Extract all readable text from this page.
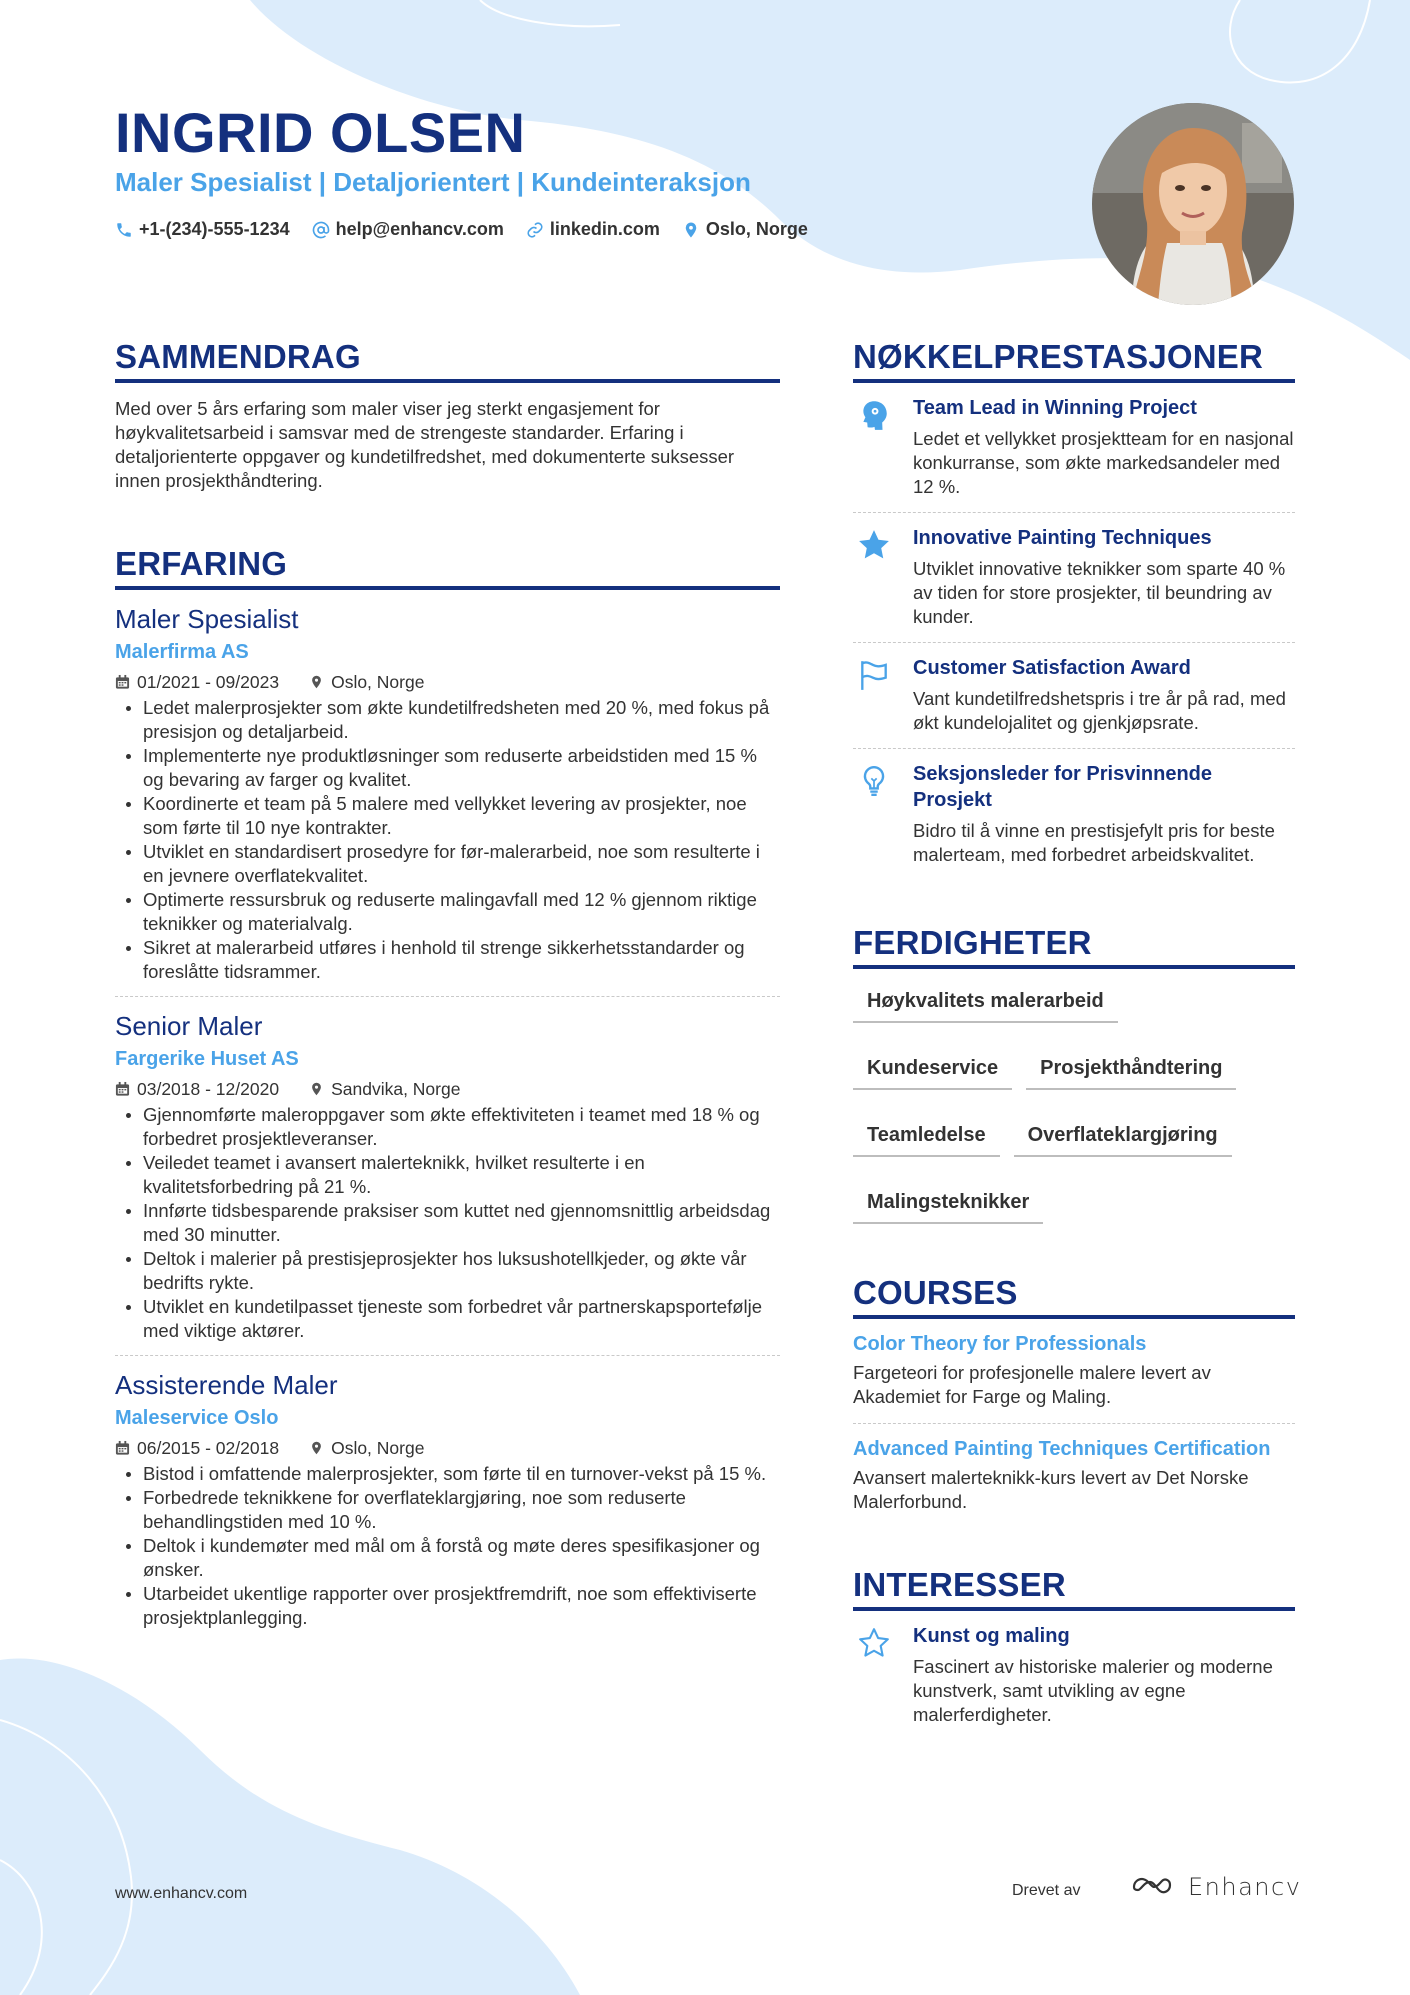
INGRID OLSEN
Maler Spesialist | Detaljorientert | Kundeinteraksjon
+1-(234)-555-1234	help@enhancv.com	linkedin.com	Oslo, Norge
SAMMENDRAG

Med over 5 års erfaring som maler viser jeg sterkt engasjement for høykvalitetsarbeid i samsvar med de strengeste standarder. Erfaring i detaljorienterte oppgaver og kundetilfredshet, med dokumenterte suksesser innen prosjekthåndtering.

ERFARING
Maler Spesialist
Malerfirma AS
01/2021 - 09/2023	Oslo, Norge
Ledet malerprosjekter som økte kundetilfredsheten med 20 %, med fokus på presisjon og detaljarbeid.
Implementerte nye produktløsninger som reduserte arbeidstiden med 15 % og bevaring av farger og kvalitet.
Koordinerte et team på 5 malere med vellykket levering av prosjekter, noe som førte til 10 nye kontrakter.
Utviklet en standardisert prosedyre for før-malerarbeid, noe som resulterte i en jevnere overflatekvalitet.
Optimerte ressursbruk og reduserte malingavfall med 12 % gjennom riktige teknikker og materialvalg.
Sikret at malerarbeid utføres i henhold til strenge sikkerhetsstandarder og foreslåtte tidsrammer.
Senior Maler
Fargerike Huset AS
03/2018 - 12/2020	Sandvika, Norge
Gjennomførte maleroppgaver som økte effektiviteten i teamet med 18 % og forbedret prosjektleveranser.
Veiledet teamet i avansert malerteknikk, hvilket resulterte i en kvalitetsforbedring på 21 %.
Innførte tidsbesparende praksiser som kuttet ned gjennomsnittlig arbeidsdag med 30 minutter.
Deltok i malerier på prestisjeprosjekter hos luksushotellkjeder, og økte vår bedrifts rykte.
Utviklet en kundetilpasset tjeneste som forbedret vår partnerskapsportefølje med viktige aktører.
Assisterende Maler
Maleservice Oslo
06/2015 - 02/2018	Oslo, Norge
Bistod i omfattende malerprosjekter, som førte til en turnover-vekst på 15 %.
Forbedrede teknikkene for overflateklargjøring, noe som reduserte behandlingstiden med 10 %.
Deltok i kundemøter med mål om å forstå og møte deres spesifikasjoner og ønsker.
Utarbeidet ukentlige rapporter over prosjektfremdrift, noe som effektiviserte prosjektplanlegging.
NØKKELPRESTASJONER
Team Lead in Winning Project
Ledet et vellykket prosjektteam for en nasjonal konkurranse, som økte markedsandeler med 12 %.
Innovative Painting Techniques
Utviklet innovative teknikker som sparte 40 % av tiden for store prosjekter, til beundring av kunder.
Customer Satisfaction Award
Vant kundetilfredshetspris i tre år på rad, med økt kundelojalitet og gjenkjøpsrate.
Seksjonsleder for Prisvinnende Prosjekt
Bidro til å vinne en prestisjefylt pris for beste malerteam, med forbedret arbeidskvalitet.
FERDIGHETER
Høykvalitets malerarbeid
Kundeservice	Prosjekthåndtering
Teamledelse	Overflateklargjøring
Malingsteknikker
COURSES
Color Theory for Professionals
Fargeteori for profesjonelle malere levert av Akademiet for Farge og Maling.
Advanced Painting Techniques Certification
Avansert malerteknikk-kurs levert av Det Norske Malerforbund.
INTERESSER
Kunst og maling
Fascinert av historiske malerier og moderne kunstverk, samt utvikling av egne malerferdigheter.
www.enhancv.com	Drevet av	Enhancv
